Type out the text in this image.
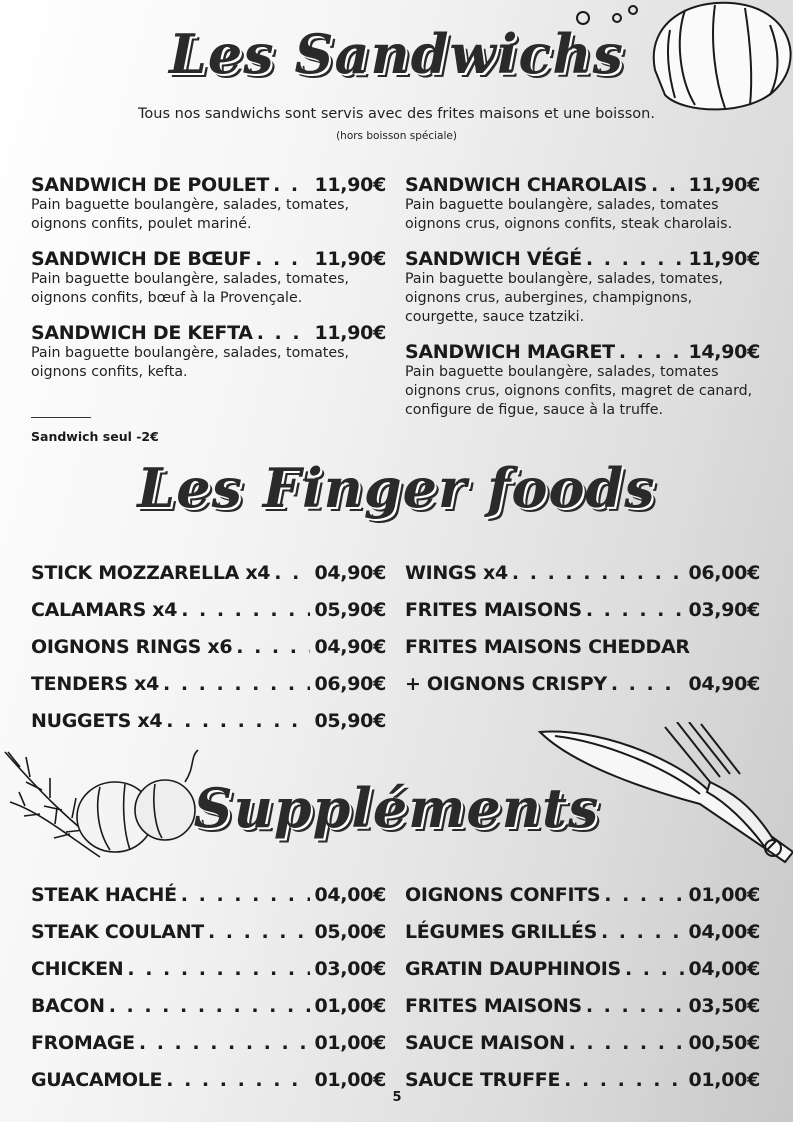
Les Sandwichs
Tous nos sandwichs sont servis avec des frites maisons et une boisson.
(hors boisson spéciale)
SANDWICH DE POULET . . . 11,90€
Pain baguette boulangère, salades, tomates, oignons confits, poulet mariné.
SANDWICH DE BŒUF . . .	11,90€
Pain baguette boulangère, salades, tomates, oignons confits, bœuf à la Provençale.
SANDWICH DE KEFTA . . .	11,90€
Pain baguette boulangère, salades, tomates, oignons confits, kefta.
SANDWICH CHAROLAIS . . . 11,90€
Pain baguette boulangère, salades, tomates oignons crus, oignons confits, steak charolais.
SANDWICH VÉGÉ . . .	11,90€
Pain baguette boulangère, salades, tomates, oignons crus, aubergines, champignons, courgette, sauce tzatziki.
SANDWICH MAGRET . . .	14,90€
Pain baguette boulangère, salades, tomates oignons crus, oignons confits, magret de canard, configure de figue, sauce à la truffe.
Sandwich seul -2€
Les Finger foods
STICK MOZZARELLA x4 . . . 04,90€
CALAMARS x4 . . .	05,90€
OIGNONS RINGS x6 . . .	04,90€
TENDERS x4 . . .	06,90€
NUGGETS x4 . . .	05,90€
WINGS x4 . . .	06,00€
FRITES MAISONS . . .	03,90€
FRITES MAISONS CHEDDAR
+ OIGNONS CRISPY . . .	04,90€
Suppléments
STEAK HACHÉ . . .	04,00€
STEAK COULANT . . .	05,00€
CHICKEN . . .	03,00€
BACON . . .	01,00€
FROMAGE . . .	01,00€
GUACAMOLE . . .	01,00€
OIGNONS CONFITS . . .	01,00€
LÉGUMES GRILLÉS . . .	04,00€
GRATIN DAUPHINOIS . . .	04,00€
FRITES MAISONS . . .	03,50€
SAUCE MAISON . . .	00,50€
SAUCE TRUFFE . . .	01,00€
5
